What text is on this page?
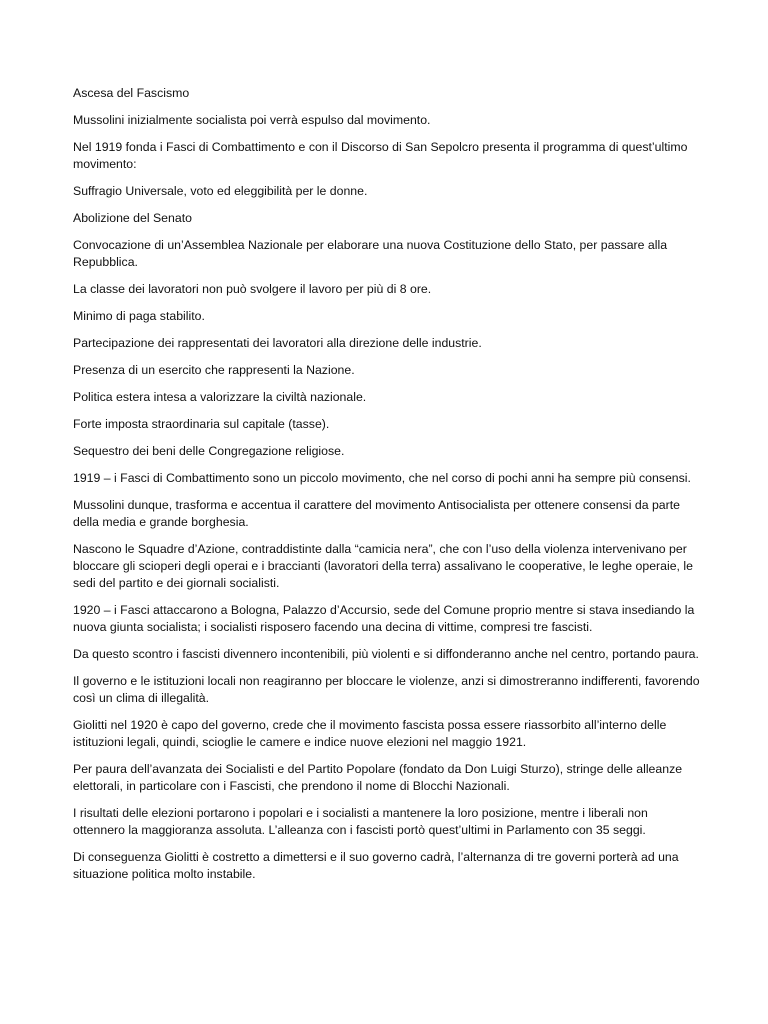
Ascesa del Fascismo

Mussolini inizialmente socialista poi verrà espulso dal movimento.

Nel 1919 fonda i Fasci di Combattimento e con il Discorso di San Sepolcro presenta il programma di quest’ultimo movimento:

Suffragio Universale, voto ed eleggibilità per le donne.

Abolizione del Senato

Convocazione di un’Assemblea Nazionale per elaborare una nuova Costituzione dello Stato, per passare alla Repubblica.

La classe dei lavoratori non può svolgere il lavoro per più di 8 ore.

Minimo di paga stabilito.

Partecipazione dei rappresentati dei lavoratori alla direzione delle industrie.

Presenza di un esercito che rappresenti la Nazione.

Politica estera intesa a valorizzare la civiltà nazionale.

Forte imposta straordinaria sul capitale (tasse).

Sequestro dei beni delle Congregazione religiose.

1919 – i Fasci di Combattimento sono un piccolo movimento, che nel corso di pochi anni ha sempre più consensi.

Mussolini dunque, trasforma e accentua il carattere del movimento Antisocialista per ottenere consensi da parte della media e grande borghesia.

Nascono le Squadre d’Azione, contraddistinte dalla “camicia nera”, che con l’uso della violenza intervenivano per bloccare gli scioperi degli operai e i braccianti (lavoratori della terra) assalivano le cooperative, le leghe operaie, le sedi del partito e dei giornali socialisti.

1920 – i Fasci attaccarono a Bologna, Palazzo d’Accursio, sede del Comune proprio mentre si stava insediando la nuova giunta socialista; i socialisti risposero facendo una decina di vittime, compresi tre fascisti.

Da questo scontro i fascisti divennero incontenibili, più violenti e si diffonderanno anche nel centro, portando paura.

Il governo e le istituzioni locali non reagiranno per bloccare le violenze, anzi si dimostreranno indifferenti, favorendo così un clima di illegalità.

Giolitti nel 1920 è capo del governo, crede che il movimento fascista possa essere riassorbito all’interno delle istituzioni legali, quindi, scioglie le camere e indice nuove elezioni nel maggio 1921.

Per paura dell’avanzata dei Socialisti e del Partito Popolare (fondato da Don Luigi Sturzo), stringe delle alleanze elettorali, in particolare con i Fascisti, che prendono il nome di Blocchi Nazionali.

I risultati delle elezioni portarono i popolari e i socialisti a mantenere la loro posizione, mentre i liberali non ottennero la maggioranza assoluta. L’alleanza con i fascisti portò quest’ultimi in Parlamento con 35 seggi.

Di conseguenza Giolitti è costretto a dimettersi e il suo governo cadrà, l’alternanza di tre governi porterà ad una situazione politica molto instabile.
